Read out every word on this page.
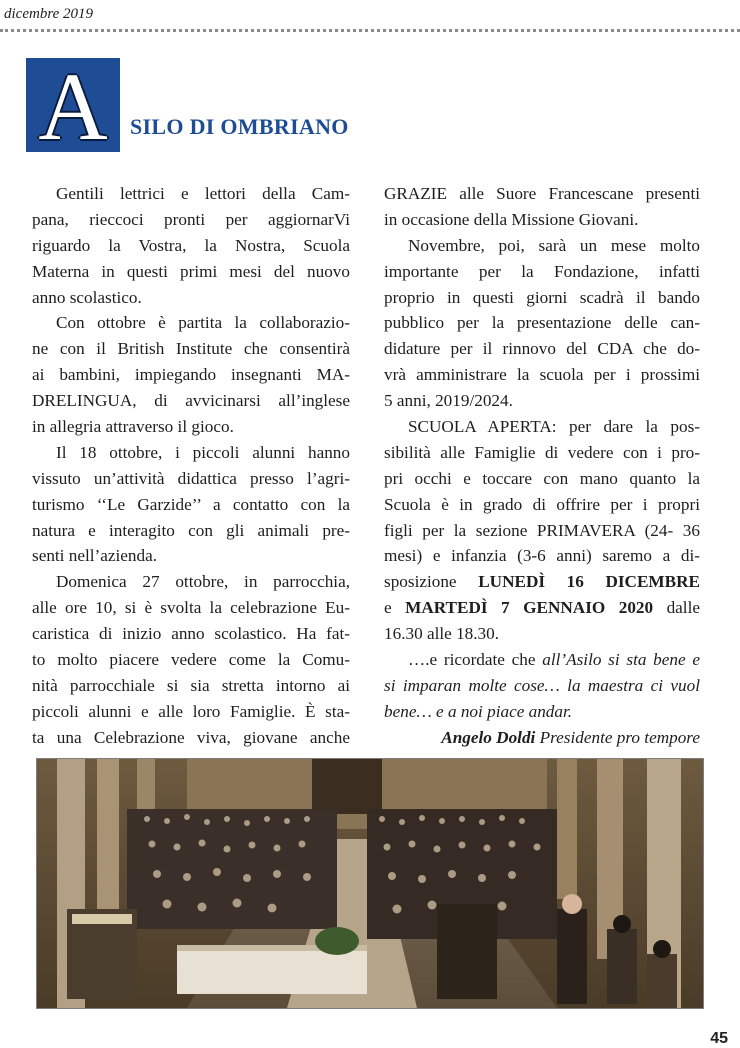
dicembre 2019
A SILO DI OMBRIANO
Gentili lettrici e lettori della Cam-
pana, rieccoci pronti per aggiornarVi
riguardo la Vostra, la Nostra, Scuola
Materna in questi primi mesi del nuovo
anno scolastico.
Con ottobre è partita la collaborazio-
ne con il British Institute che consentirà
ai bambini, impiegando insegnanti MA-
DRELINGUA, di avvicinarsi all’inglese
in allegria attraverso il gioco.
Il 18 ottobre, i piccoli alunni hanno
vissuto un’attività didattica presso l’agri-
turismo ‘‘Le Garzide’’ a contatto con la
natura e interagito con gli animali pre-
senti nell’azienda.
Domenica 27 ottobre, in parrocchia,
alle ore 10, si è svolta la celebrazione Eu-
caristica di inizio anno scolastico. Ha fat-
to molto piacere vedere come la Comu-
nità parrocchiale si sia stretta intorno ai
piccoli alunni e alle loro Famiglie. È sta-
ta una Celebrazione viva, giovane anche
GRAZIE alle Suore Francescane presenti
in occasione della Missione Giovani.
Novembre, poi, sarà un mese molto
importante per la Fondazione, infatti
proprio in questi giorni scadrà il bando
pubblico per la presentazione delle can-
didature per il rinnovo del CDA che do-
vrà amministrare la scuola per i prossimi
5 anni, 2019/2024.
SCUOLA APERTA: per dare la pos-
sibilità alle Famiglie di vedere con i pro-
pri occhi e toccare con mano quanto la
Scuola è in grado di offrire per i propri
figli per la sezione PRIMAVERA (24- 36
mesi) e infanzia (3-6 anni) saremo a di-
sposizione LUNEDÌ 16 DICEMBRE
e MARTEDÌ 7 GENNAIO 2020 dalle
16.30 alle 18.30.
….e ricordate che all’Asilo si sta bene e
si imparan molte cose… la maestra ci vuol
bene… e a noi piace andar.
Angelo Doldi Presidente pro tempore
45
